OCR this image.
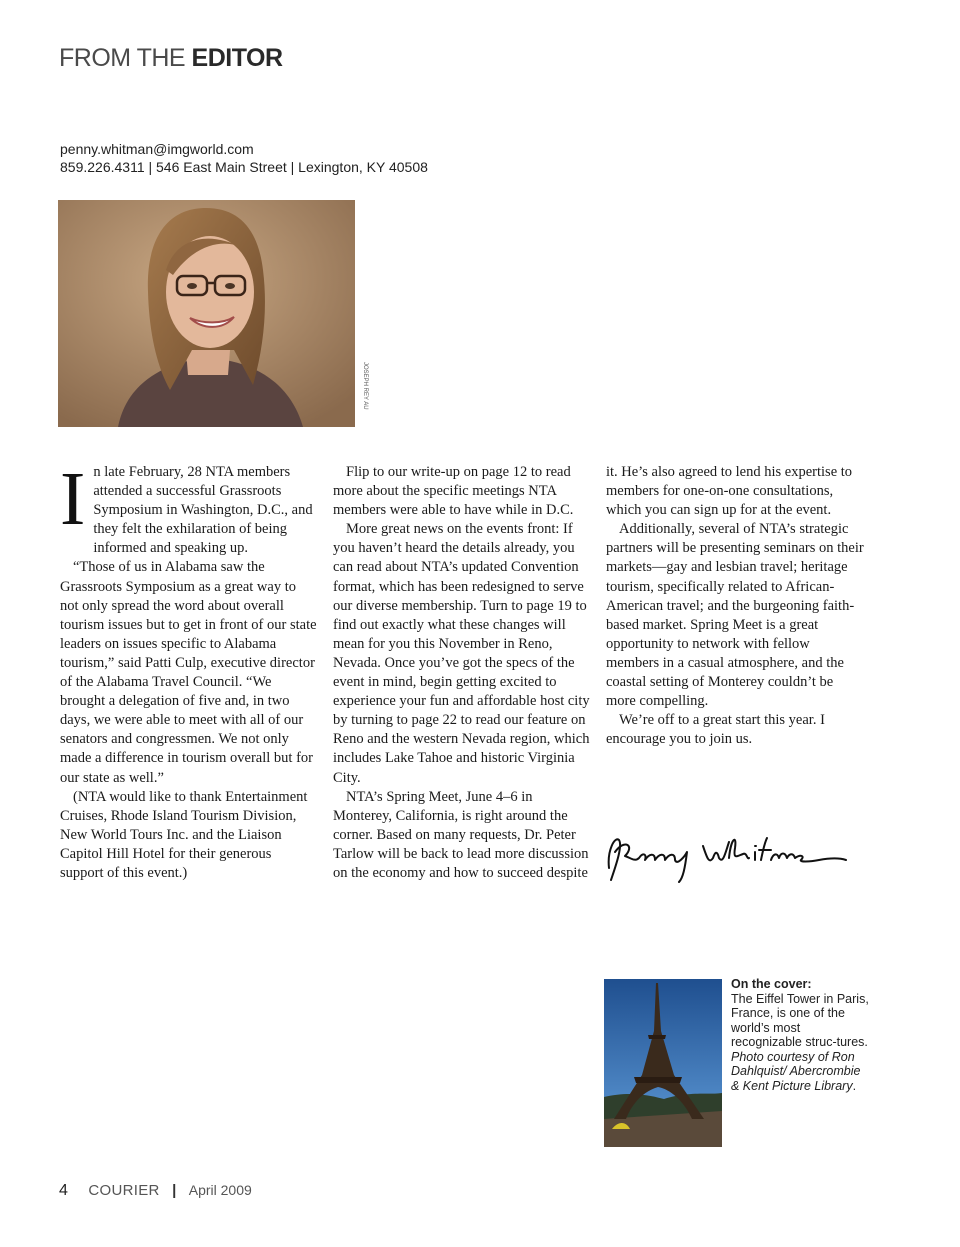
FROM THE EDITOR
penny.whitman@imgworld.com
859.226.4311 | 546 East Main Street | Lexington, KY 40508
JOSEPH REY AU
I n late February, 28 NTA members attended a successful Grassroots Symposium in Washington, D.C., and they felt the exhilaration of being informed and speaking up.

“Those of us in Alabama saw the Grassroots Symposium as a great way to not only spread the word about overall tourism issues but to get in front of our state leaders on issues specific to Alabama tourism,” said Patti Culp, executive director of the Alabama Travel Council. “We brought a delegation of five and, in two days, we were able to meet with all of our senators and congressmen. We not only made a difference in tourism overall but for our state as well.”

(NTA would like to thank Entertainment Cruises, Rhode Island Tourism Division, New World Tours Inc. and the Liaison Capitol Hill Hotel for their generous support of this event.)

Flip to our write-up on page 12 to read more about the specific meetings NTA members were able to have while in D.C.

More great news on the events front: If you haven’t heard the details already, you can read about NTA’s updated Convention format, which has been redesigned to serve our diverse membership. Turn to page 19 to find out exactly what these changes will mean for you this November in Reno, Nevada. Once you’ve got the specs of the event in mind, begin getting excited to experience your fun and affordable host city by turning to page 22 to read our feature on Reno and the western Nevada region, which includes Lake Tahoe and historic Virginia City.

NTA’s Spring Meet, June 4–6 in Monterey, California, is right around the corner. Based on many requests, Dr. Peter Tarlow will be back to lead more discussion on the economy and how to succeed despite

it. He’s also agreed to lend his expertise to members for one-on-one consultations, which you can sign up for at the event.

Additionally, several of NTA’s strategic partners will be presenting seminars on their markets—gay and lesbian travel; heritage tourism, specifically related to African-American travel; and the burgeoning faith-based market. Spring Meet is a great opportunity to network with fellow members in a casual atmosphere, and the coastal setting of Monterey couldn’t be more compelling.

We’re off to a great start this year. I encourage you to join us.

On the cover:
The Eiffel Tower in Paris, France, is one of the world’s most recognizable struc-tures. Photo courtesy of Ron Dahlquist/ Abercrombie & Kent Picture Library.
4 COURIER | April 2009
